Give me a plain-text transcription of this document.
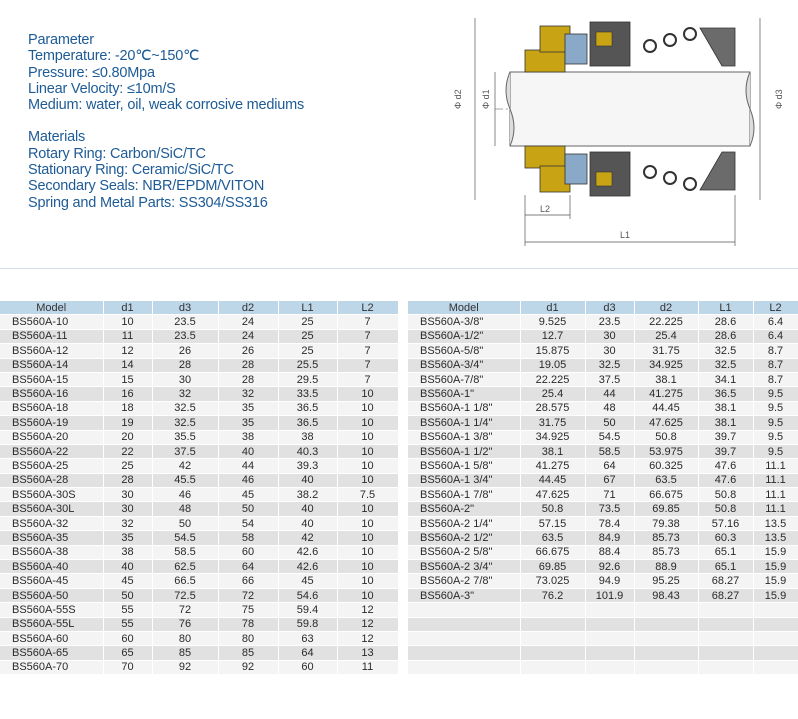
Parameter
Temperature: -20℃~150℃
Pressure: ≤0.80Mpa
Linear Velocity: ≤10m/S
Medium: water, oil, weak corrosive mediums
Materials
Rotary Ring: Carbon/SiC/TC
Stationary Ring: Ceramic/SiC/TC
Secondary Seals: NBR/EPDM/VITON
Spring and Metal Parts: SS304/SS316
Φ d2 Φ d1	Φ d3
L2
L1
Model	d1	d3	d2	L1	L2
BS560A-10	10	23.5	24	25	7
BS560A-11	11	23.5	24	25	7
BS560A-12	12	26	26	25	7
BS560A-14	14	28	28	25.5	7
BS560A-15	15	30	28	29.5	7
BS560A-16	16	32	32	33.5	10
BS560A-18	18	32.5	35	36.5	10
BS560A-19	19	32.5	35	36.5	10
BS560A-20	20	35.5	38	38	10
BS560A-22	22	37.5	40	40.3	10
BS560A-25	25	42	44	39.3	10
BS560A-28	28	45.5	46	40	10
BS560A-30S	30	46	45	38.2	7.5
BS560A-30L	30	48	50	40	10
BS560A-32	32	50	54	40	10
BS560A-35	35	54.5	58	42	10
BS560A-38	38	58.5	60	42.6	10
BS560A-40	40	62.5	64	42.6	10
BS560A-45	45	66.5	66	45	10
BS560A-50	50	72.5	72	54.6	10
BS560A-55S	55	72	75	59.4	12
BS560A-55L	55	76	78	59.8	12
BS560A-60	60	80	80	63	12
BS560A-65	65	85	85	64	13
BS560A-70	70	92	92	60	11
Model	d1	d3	d2	L1	L2
BS560A-3/8"	9.525	23.5	22.225	28.6	6.4
BS560A-1/2"	12.7	30	25.4	28.6	6.4
BS560A-5/8"	15.875	30	31.75	32.5	8.7
BS560A-3/4"	19.05	32.5	34.925	32.5	8.7
BS560A-7/8"	22.225	37.5	38.1	34.1	8.7
BS560A-1"	25.4	44	41.275	36.5	9.5
BS560A-1 1/8"	28.575	48	44.45	38.1	9.5
BS560A-1 1/4"	31.75	50	47.625	38.1	9.5
BS560A-1 3/8"	34.925	54.5	50.8	39.7	9.5
BS560A-1 1/2"	38.1	58.5	53.975	39.7	9.5
BS560A-1 5/8"	41.275	64	60.325	47.6	11.1
BS560A-1 3/4"	44.45	67	63.5	47.6	11.1
BS560A-1 7/8"	47.625	71	66.675	50.8	11.1
BS560A-2"	50.8	73.5	69.85	50.8	11.1
BS560A-2 1/4"	57.15	78.4	79.38	57.16	13.5
BS560A-2 1/2"	63.5	84.9	85.73	60.3	13.5
BS560A-2 5/8"	66.675	88.4	85.73	65.1	15.9
BS560A-2 3/4"	69.85	92.6	88.9	65.1	15.9
BS560A-2 7/8"	73.025	94.9	95.25	68.27	15.9
BS560A-3"	76.2	101.9	98.43	68.27	15.9
